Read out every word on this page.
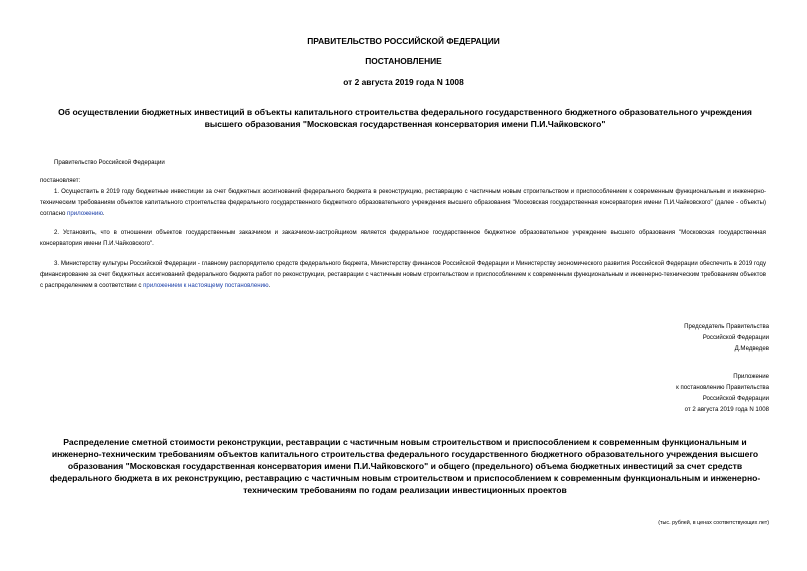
ПРАВИТЕЛЬСТВО РОССИЙСКОЙ ФЕДЕРАЦИИ
ПОСТАНОВЛЕНИЕ
от 2 августа 2019 года N 1008
Об осуществлении бюджетных инвестиций в объекты капитального строительства федерального государственного бюджетного образовательного учреждения высшего образования "Московская государственная консерватория имени П.И.Чайковского"
Правительство Российской Федерации
постановляет:
1. Осуществить в 2019 году бюджетные инвестиции за счет бюджетных ассигнований федерального бюджета в реконструкцию, реставрацию с частичным новым строительством и приспособлением к современным функциональным и инженерно-техническим требованиям объектов капитального строительства федерального государственного бюджетного образовательного учреждения высшего образования "Московская государственная консерватория имени П.И.Чайковского" (далее - объекты) согласно приложению.
2. Установить, что в отношении объектов государственным заказчиком и заказчиком-застройщиком является федеральное государственное бюджетное образовательное учреждение высшего образования "Московская государственная консерватория имени П.И.Чайковского".
3. Министерству культуры Российской Федерации - главному распорядителю средств федерального бюджета, Министерству финансов Российской Федерации и Министерству экономического развития Российской Федерации обеспечить в 2019 году финансирование за счет бюджетных ассигнований федерального бюджета работ по реконструкции, реставрации с частичным новым строительством и приспособлением к современным функциональным и инженерно-техническим требованиям объектов с распределением в соответствии с приложением к настоящему постановлению.
Председатель Правительства
Российской Федерации
Д.Медведев
Приложение
к постановлению Правительства
Российской Федерации
от 2 августа 2019 года N 1008
Распределение сметной стоимости реконструкции, реставрации с частичным новым строительством и приспособлением к современным функциональным и инженерно-техническим требованиям объектов капитального строительства федерального государственного бюджетного образовательного учреждения высшего образования "Московская государственная консерватория имени П.И.Чайковского" и общего (предельного) объема бюджетных инвестиций за счет средств федерального бюджета в их реконструкцию, реставрацию с частичным новым строительством и приспособлением к современным функциональным и инженерно-техническим требованиям по годам реализации инвестиционных проектов
(тыс. рублей, в ценах соответствующих лет)
